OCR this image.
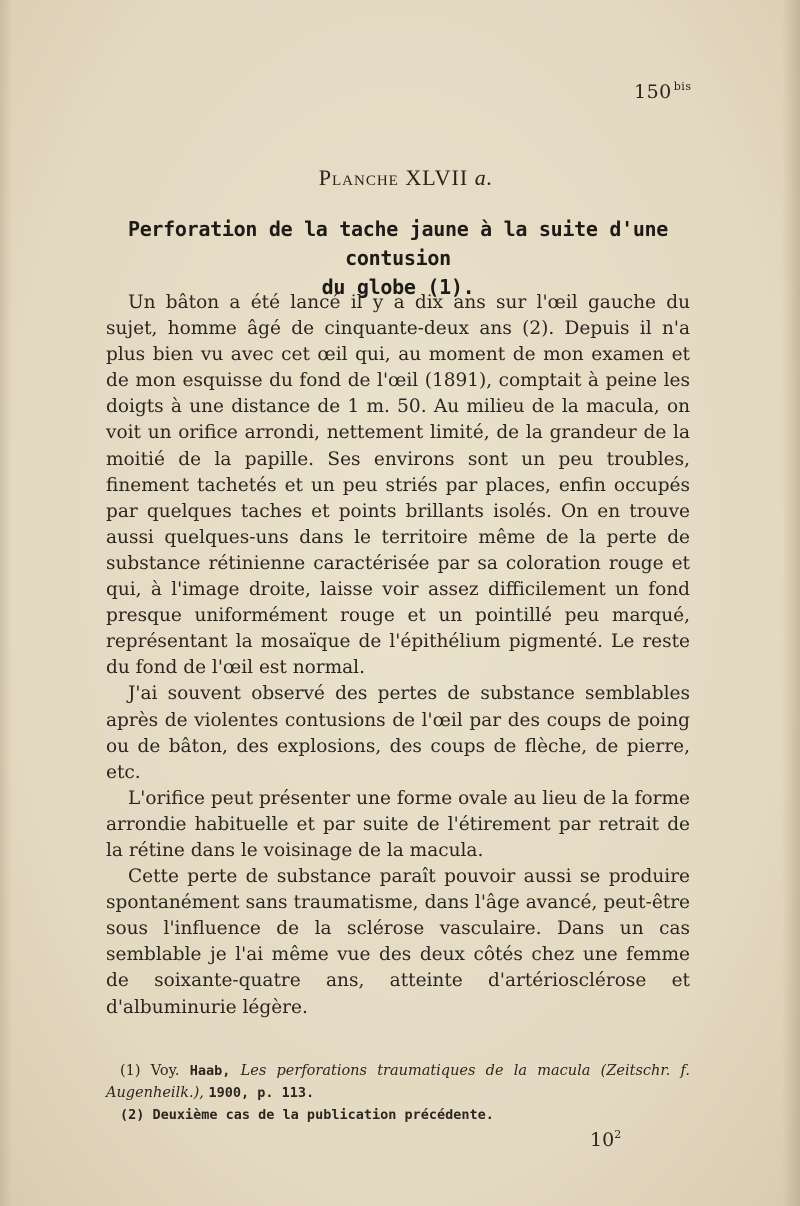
150 $^{bis}$
Planche XLVII a.
Perforation de la tache jaune à la suite d'une contusion
du globe (1).

Un bâton a été lancé il y a dix ans sur l'œil gauche du sujet, homme âgé de cinquante-deux ans (2). Depuis il n'a plus bien vu avec cet œil qui, au moment de mon examen et de mon esquisse du fond de l'œil (1891), comptait à peine les doigts à une distance de 1 m. 50. Au milieu de la macula, on voit un orifice arrondi, nettement limité, de la grandeur de la moitié de la papille. Ses environs sont un peu troubles, finement tachetés et un peu striés par places, enfin occupés par quelques taches et points brillants isolés. On en trouve aussi quelques-uns dans le territoire même de la perte de substance rétinienne caractérisée par sa coloration rouge et qui, à l'image droite, laisse voir assez difficilement un fond presque uniformément rouge et un pointillé peu marqué, représentant la mosaïque de l'épithélium pigmenté. Le reste du fond de l'œil est normal.

J'ai souvent observé des pertes de substance semblables après de violentes contusions de l'œil par des coups de poing ou de bâton, des explosions, des coups de flèche, de pierre, etc.

L'orifice peut présenter une forme ovale au lieu de la forme arrondie habituelle et par suite de l'étirement par retrait de la rétine dans le voisinage de la macula.

Cette perte de substance paraît pouvoir aussi se produire spontanément sans traumatisme, dans l'âge avancé, peut-être sous l'influence de la sclérose vasculaire. Dans un cas semblable je l'ai même vue des deux côtés chez une femme de soixante-quatre ans, atteinte d'artériosclérose et d'albuminurie légère.

(1) Voy. Haab, Les perforations traumatiques de la macula (Zeitschr. f. Augenheilk.), 1900, p. 113.

(2) Deuxième cas de la publication précédente.

$10^2$
